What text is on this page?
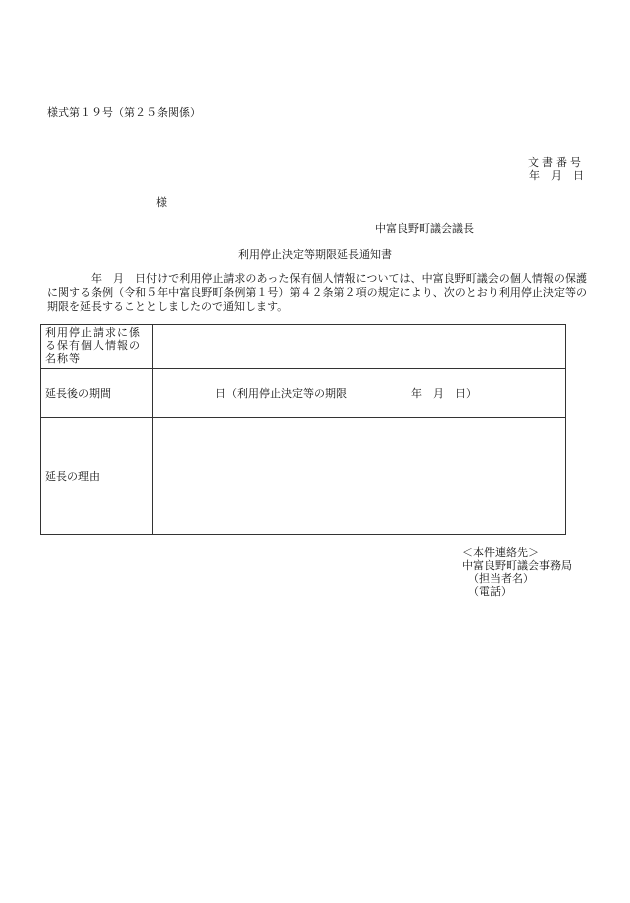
様式第１９号（第２５条関係）
文書番号
年　月　日
様
中富良野町議会議長
利用停止決定等期限延長通知書
年　月　日付けで利用停止請求のあった保有個人情報については、中富良野町議会の個人情報の保護に関する条例（令和５年中富良野町条例第１号）第４２条第２項の規定により、次のとおり利用停止決定等の期限を延長することとしましたので通知します。
利用停止請求に係る保有個人情報の名称等	
延長後の期間	日（利用停止決定等の期限 年　月　日）
延長の理由	
＜本件連絡先＞
中富良野町議会事務局
（担当者名）
（電話）
